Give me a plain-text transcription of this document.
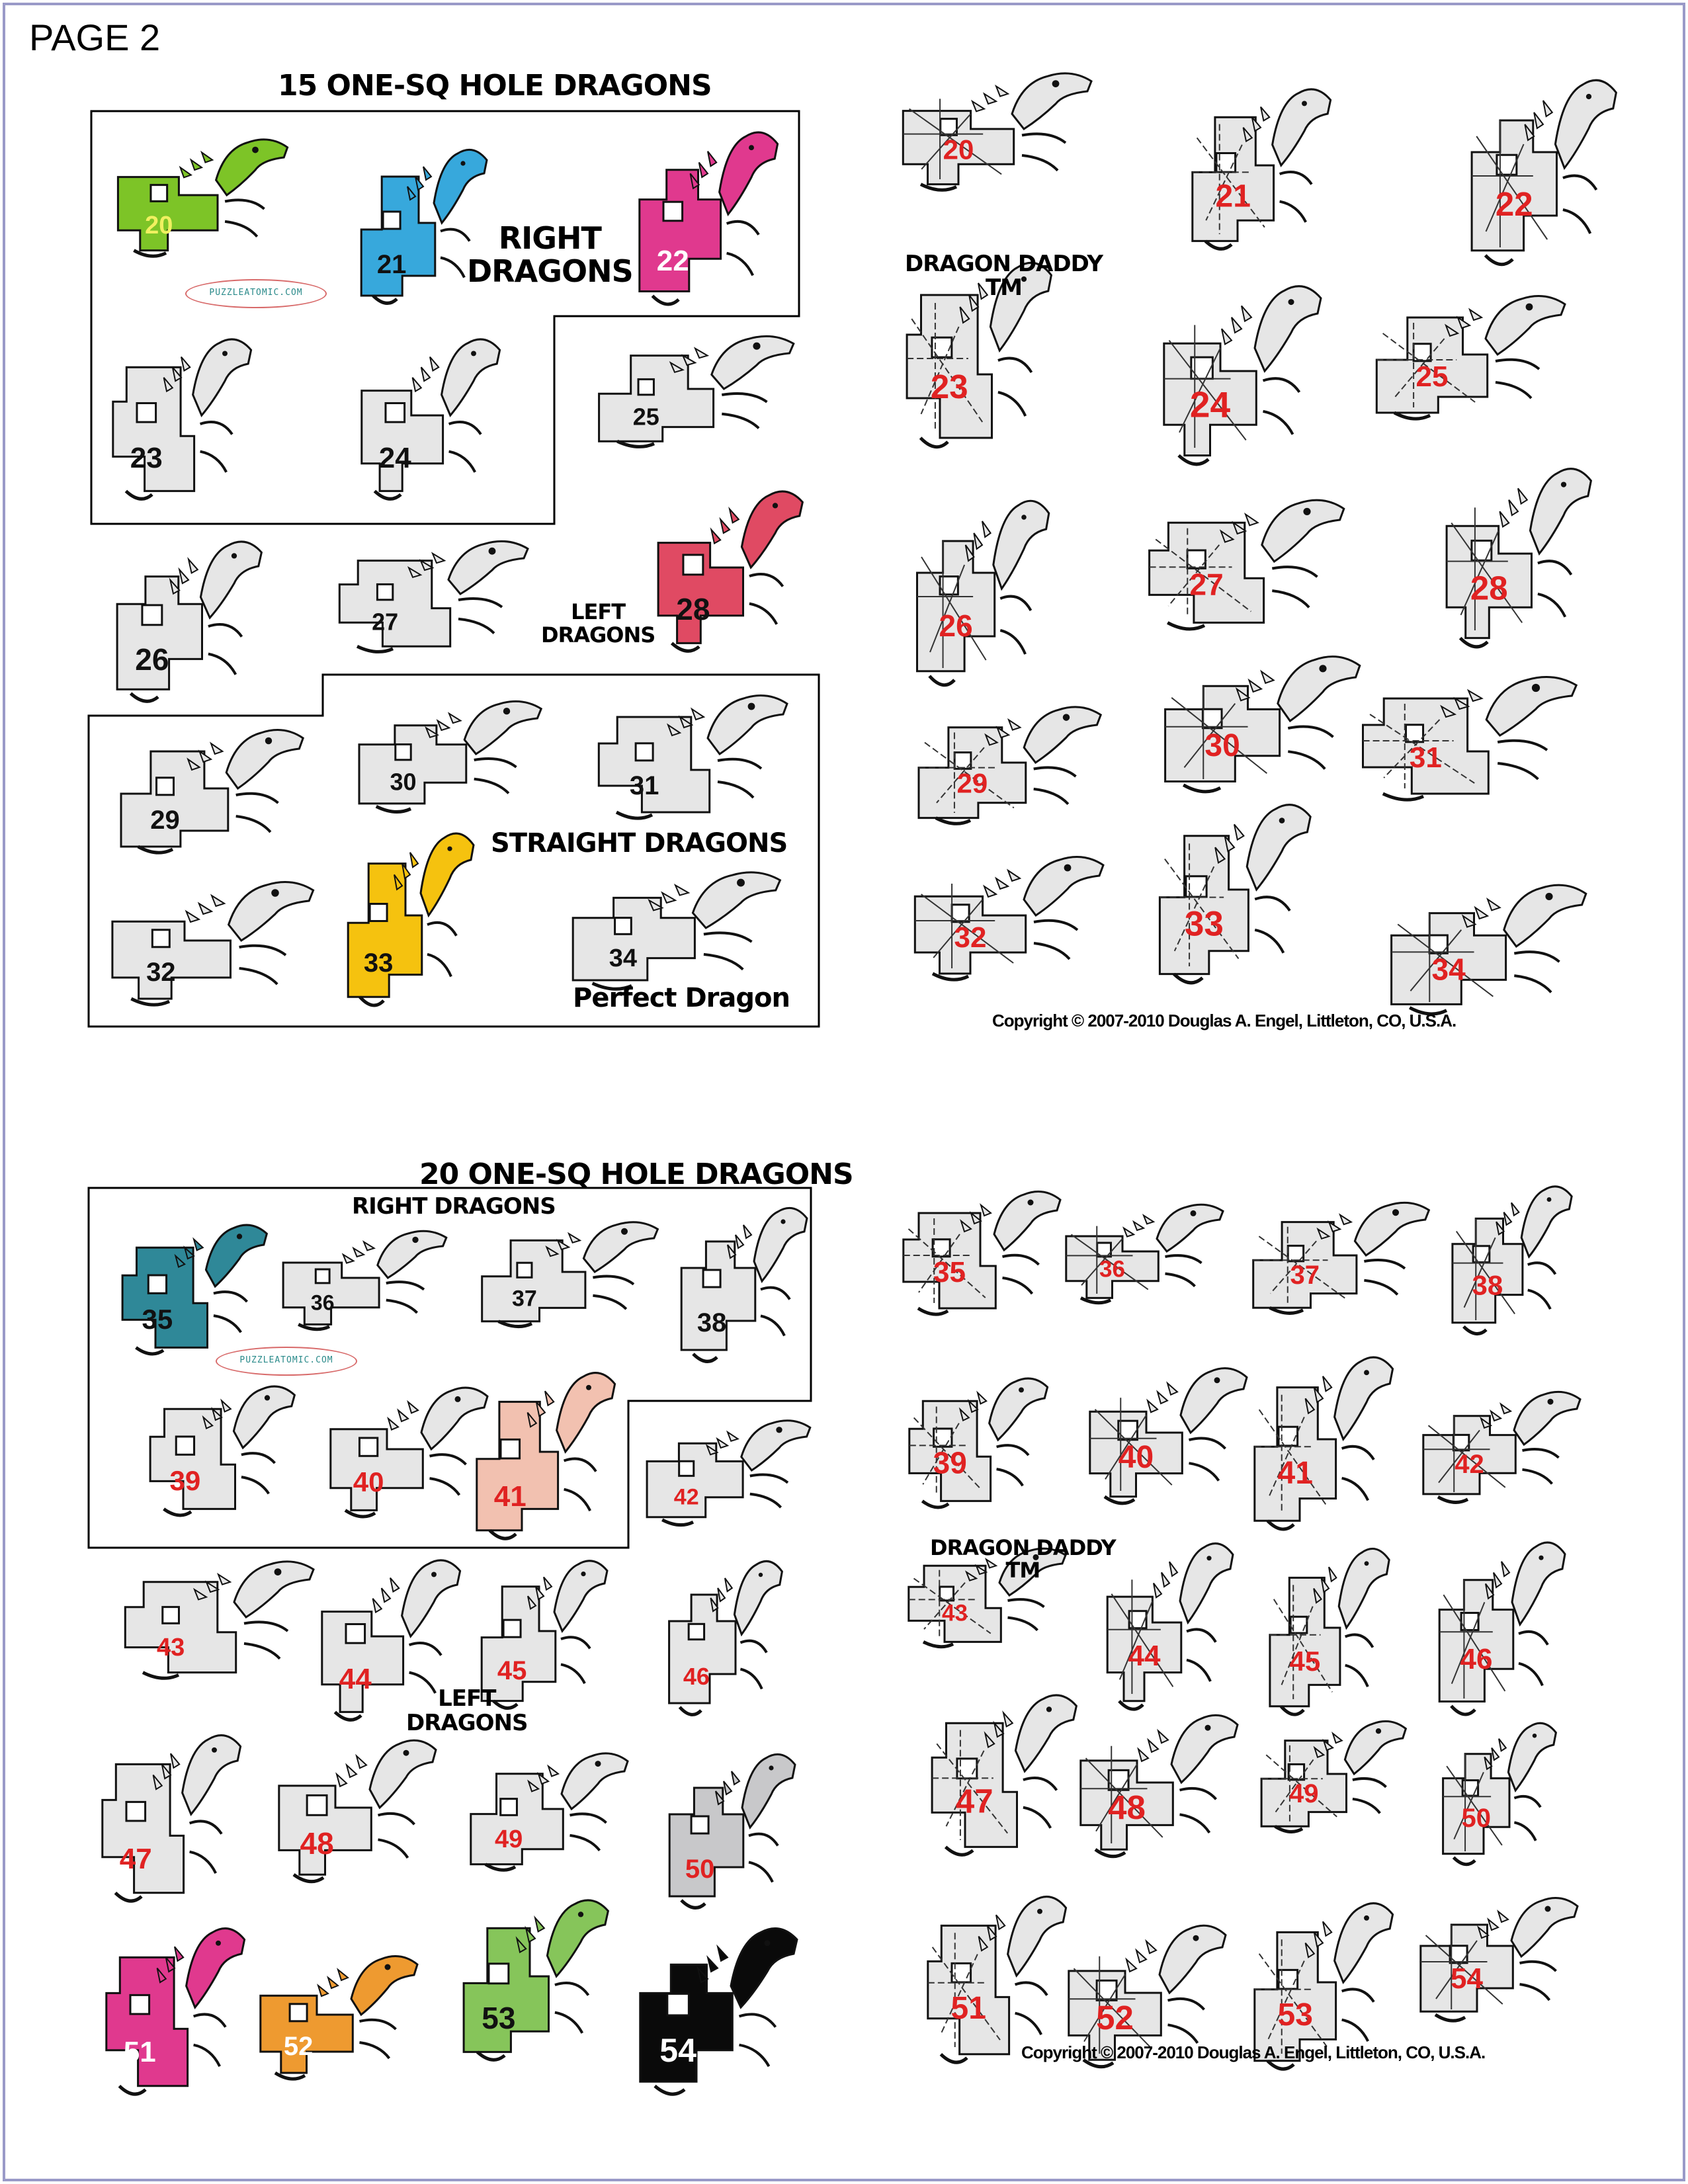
PAGE 2
20
21	22
23	24
25
26
27	28
29
30	31
32	33	34
35
36	37
38
39	40	41	42
43
44	45	46
47	48	49
50
51	52
53
54
20
21	22
23	24
25
26
27	28
29
30	31
32	33
34
35	36	37	38
39	40	41	42
43
44	45	46
47	48	49
50
51	52	53
54
15 ONE-SQ HOLE DRAGONS
RIGHT
DRAGONS
LEFT
DRAGONS
STRAIGHT DRAGONS
Perfect Dragon

DRAGON DADDY
TM

Copyright © 2007-2010 Douglas A. Engel, Littleton, CO, U.S.A.
PUZZLEATOMIC.COM
20 ONE-SQ HOLE DRAGONS
RIGHT DRAGONS
LEFT
DRAGONS

DRAGON DADDY
TM

Copyright © 2007-2010 Douglas A. Engel, Littleton, CO, U.S.A.
PUZZLEATOMIC.COM
